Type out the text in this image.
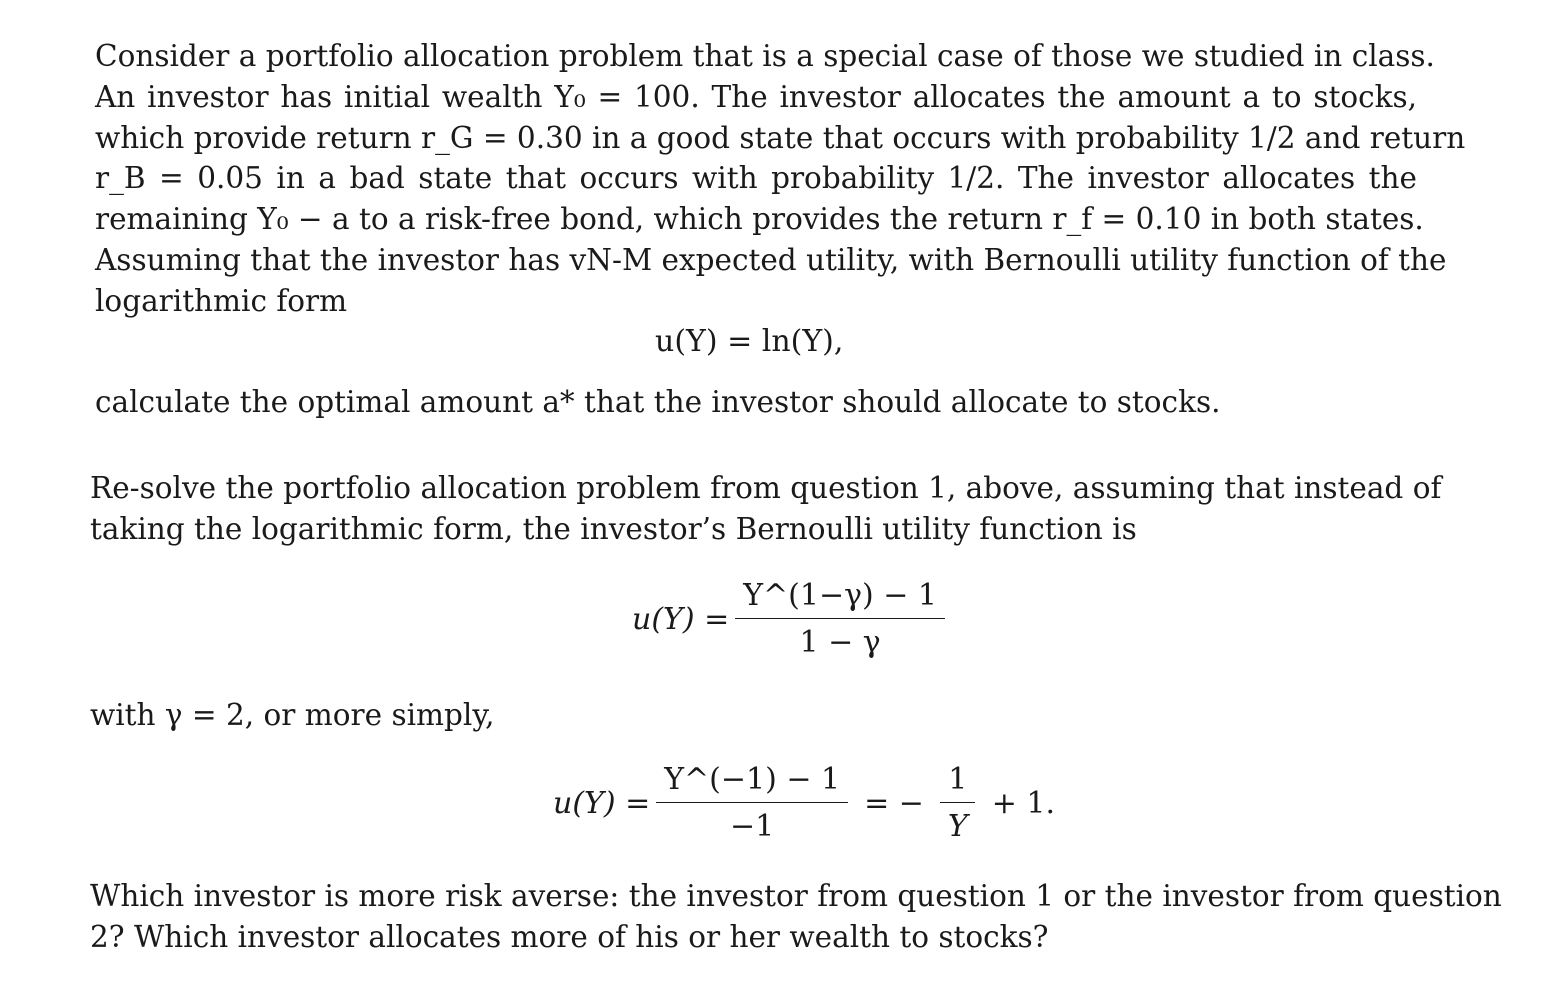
Consider a portfolio allocation problem that is a special case of those we studied in class.
An investor has initial wealth Y₀ = 100. The investor allocates the amount a to stocks,
which provide return r_G = 0.30 in a good state that occurs with probability 1/2 and return
r_B = 0.05 in a bad state that occurs with probability 1/2. The investor allocates the
remaining Y₀ − a to a risk-free bond, which provides the return r_f = 0.10 in both states.
Assuming that the investor has vN-M expected utility, with Bernoulli utility function of the
logarithmic form
u(Y) = ln(Y),
calculate the optimal amount a* that the investor should allocate to stocks.
Re-solve the portfolio allocation problem from question 1, above, assuming that instead of
taking the logarithmic form, the investor’s Bernoulli utility function is
$u(Y) = \frac{Y\^{}(1-\gamma) - 1}{1 - \gamma}$
with γ = 2, or more simply,
$u(Y) = \frac{Y\^{}(-1) - 1}{-1}$ = − $\frac{1}{Y} + 1$.
Which investor is more risk averse: the investor from question 1 or the investor from question
2? Which investor allocates more of his or her wealth to stocks?
